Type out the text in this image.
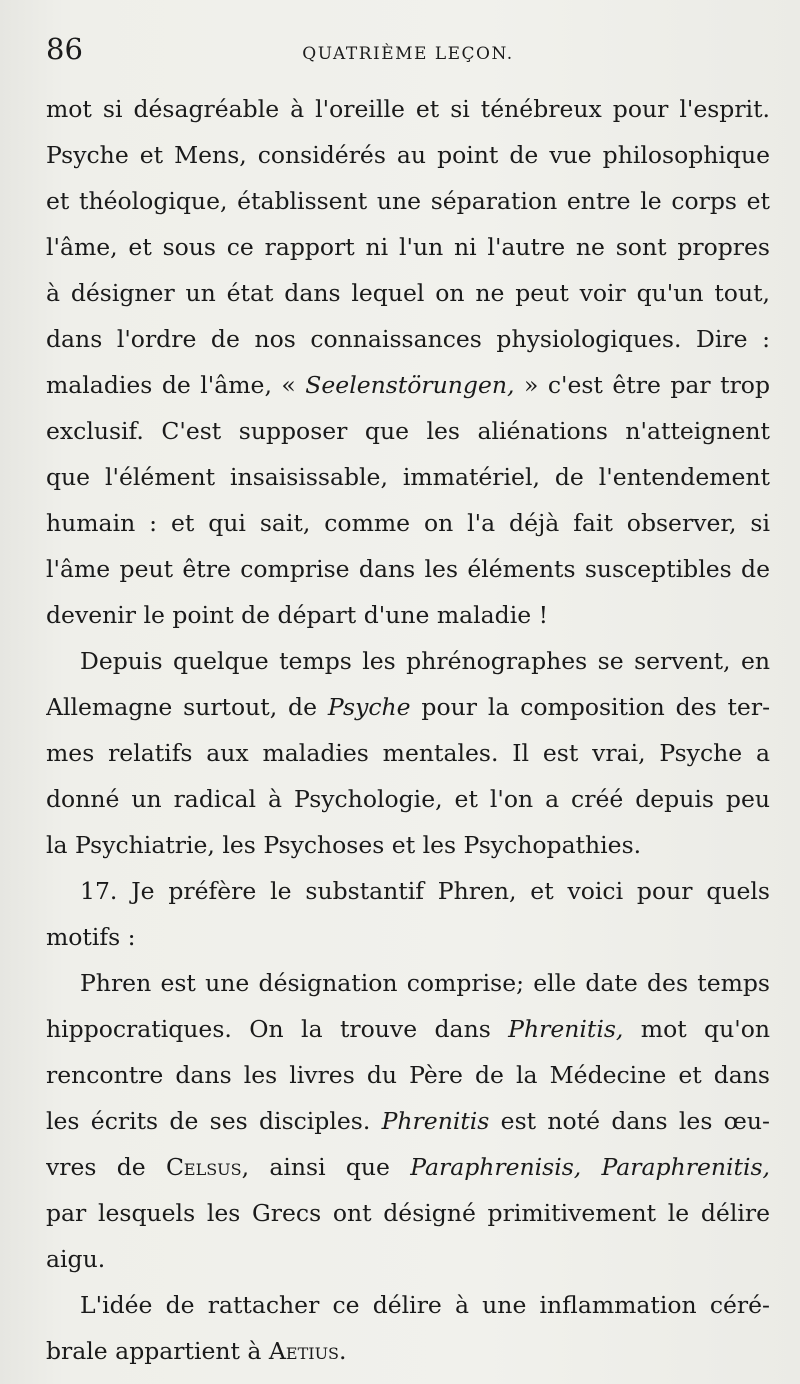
86	QUATRIÈME LEÇON.
mot si désagréable à l'oreille et si ténébreux pour l'esprit.
Psyche et Mens, considérés au point de vue philosophique
et théologique, établissent une séparation entre le corps et
l'âme, et sous ce rapport ni l'un ni l'autre ne sont propres
à désigner un état dans lequel on ne peut voir qu'un tout,
dans l'ordre de nos connaissances physiologiques. Dire :
maladies de l'âme, « Seelenstörungen, » c'est être par trop
exclusif. C'est supposer que les aliénations n'atteignent
que l'élément insaisissable, immatériel, de l'entendement
humain : et qui sait, comme on l'a déjà fait observer, si
l'âme peut être comprise dans les éléments susceptibles de
devenir le point de départ d'une maladie !
Depuis quelque temps les phrénographes se servent, en
Allemagne surtout, de Psyche pour la composition des ter-
mes relatifs aux maladies mentales. Il est vrai, Psyche a
donné un radical à Psychologie, et l'on a créé depuis peu
la Psychiatrie, les Psychoses et les Psychopathies.
17. Je préfère le substantif Phren, et voici pour quels
motifs :
Phren est une désignation comprise; elle date des temps
hippocratiques. On la trouve dans Phrenitis, mot qu'on
rencontre dans les livres du Père de la Médecine et dans
les écrits de ses disciples. Phrenitis est noté dans les œu-
vres de Celsus, ainsi que Paraphrenisis, Paraphrenitis,
par lesquels les Grecs ont désigné primitivement le délire
aigu.
L'idée de rattacher ce délire à une inflammation céré-
brale appartient à Aetius.
